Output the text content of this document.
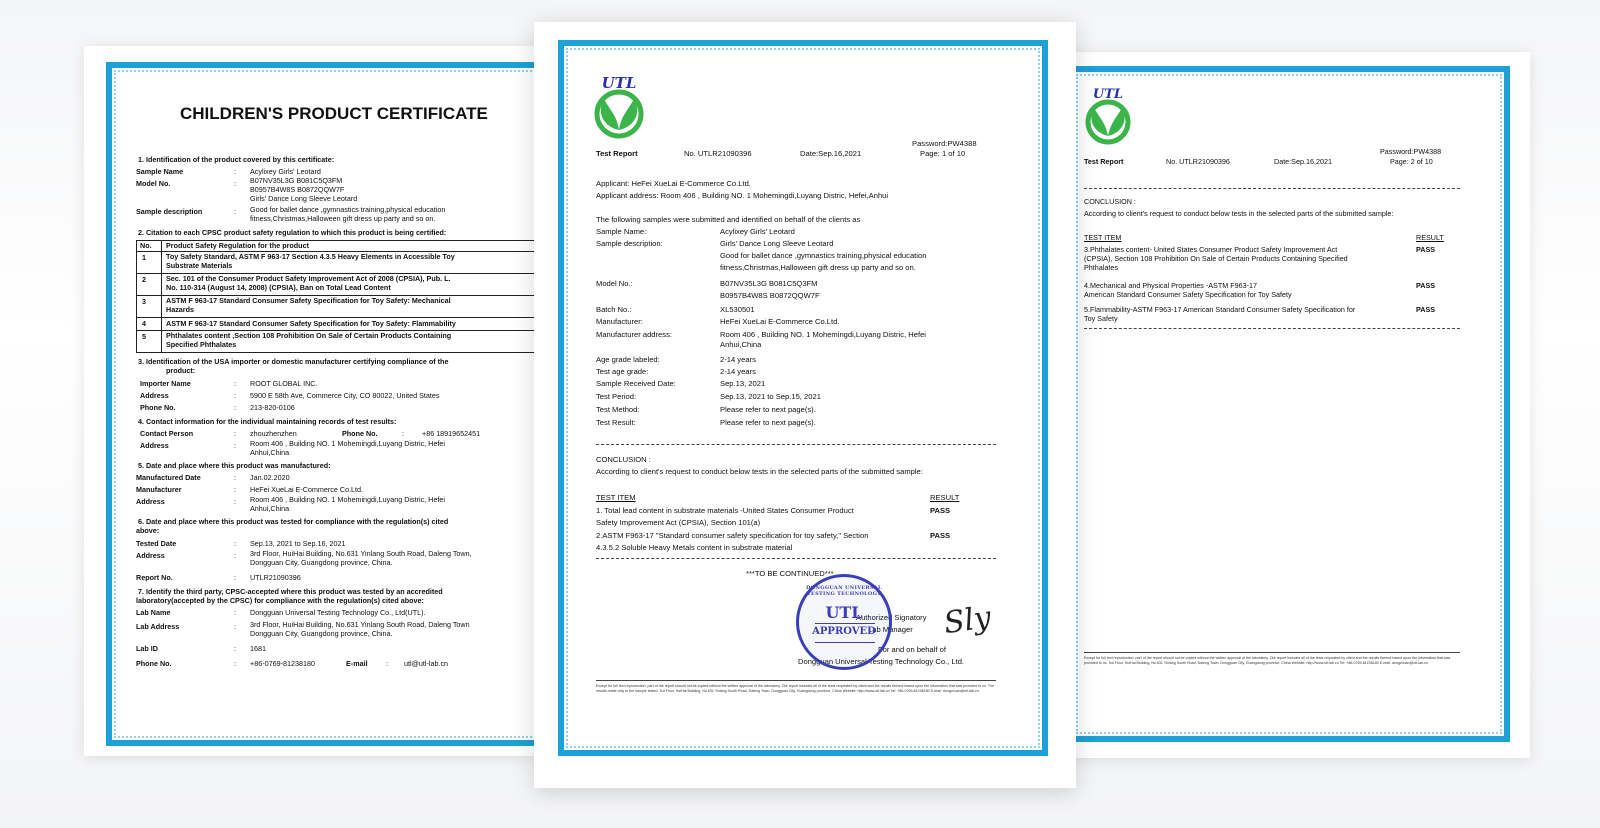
CHILDREN'S PRODUCT CERTIFICATE
1. Identification of the product covered by this certificate:
Sample Name	: Acylixey Girls' Leotard
Model No.	: B07NV35L3G B081C5Q3FM
B0957B4W8S B0872QQW7F
Girls' Dance Long Sleeve Leotard
Sample description	: Good for ballet dance ,gymnastics training,physical education
fitness,Christmas,Halloween gift dress up party and so on.
2. Citation to each CPSC product safety regulation to which this product is being certified:
No. Product Safety Regulation for the product
1	Toy Safety Standard, ASTM F 963-17 Section 4.3.5 Heavy Elements in Accessible Toy
Substrate Materials
2	Sec. 101 of the Consumer Product Safety Improvement Act of 2008 (CPSIA), Pub. L.
No. 110-314 (August 14, 2008) (CPSIA), Ban on Total Lead Content
3	ASTM F 963-17 Standard Consumer Safety Specification for Toy Safety: Mechanical
Hazards
4	ASTM F 963-17 Standard Consumer Safety Specification for Toy Safety: Flammability
5	Phthalates content ,Section 108 Prohibition On Sale of Certain Products Containing
Specified Phthalates
3. Identification of the USA importer or domestic manufacturer certifying compliance of the
product:
Importer Name	: ROOT GLOBAL INC.
Address	: 5900 E 58th Ave, Commerce City, CO 80022, United States
Phone No.	: 213-820-0106
4. Contact information for the individual maintaining records of test results:
Contact Person	: zhouzhenzhen	Phone No.	:	+86 18919652451
Address	: Room 406 , Building NO. 1 Mohemingdi,Luyang Distric, Hefei
Anhui,China
5. Date and place where this product was manufactured:
Manufactured Date	: Jan.02.2020
Manufacturer	: HeFei XueLai E-Commerce Co.Ltd.
Address	: Room 406 , Building NO. 1 Mohemingdi,Luyang Distric, Hefei
Anhui,China
6. Date and place where this product was tested for compliance with the regulation(s) cited
above:
Tested Date	: Sep.13, 2021 to Sep.16, 2021
Address	: 3rd Floor, HuiHai Building, No.631 Yinlang South Road, Daleng Town,
Dongguan City, Guangdong province, China.
Report No.	: UTLR21090396
7. Identify the third party, CPSC-accepted where this product was tested by an accredited
laboratory(accepted by the CPSC) for compliance with the regulation(s) cited above:
Lab Name	: Dongguan Universal Testing Technology Co., Ltd(UTL).
Lab Address	: 3rd Floor, HuiHai Building, No.631 Yinlang South Road, Daleng Town
Dongguan City, Guangdong province, China.
Lab ID	: 1681
Phone No.	: +86-0769-81238180	E-mail	: utl@utl-lab.cn
UTL
Password:PW4388
Test Report	No. UTLR21090396	Date:Sep.16,2021	Page: 2 of 10
CONCLUSION :
According to client's request to conduct below tests in the selected parts of the submitted sample:
TEST ITEM	RESULT
3.Phthalates content- United States Consumer Product Safety Improvement Act
(CPSIA), Section 108 Prohibition On Sale of Certain Products Containing Specified
Phthalates
PASS
4.Mechanical and Physical Properties -ASTM F963-17
American Standard Consumer Safety Specification for Toy Safety
PASS
5.Flammability-ASTM F963-17 American Standard Consumer Safety Specification for
Toy Safety
PASS
Except for full text reproduction, part of the report should not be copied without the written approval of the laboratory. Our report includes all of the tests requested by client and the results thereof based upon the information that was provided to us. 3rd Floor, HuiHai Building, No.631 Yinlang South Road, Daleng Town, Dongguan City, Guangdong province, China Website: http://www.utl-lab.cn Tel: +86-0769-81238180 E-mail: dongchuan@utl-lab.cn
UTL
Password:PW4388
Test Report	No. UTLR21090396	Date:Sep.16,2021	Page: 1 of 10
Applicant: HeFei XueLai E-Commerce Co.Ltd.
Applicant address: Room 406 , Building NO. 1 Mohemingdi,Luyang Distric, Hefei,Anhui
The following samples were submitted and identified on behalf of the clients as
Sample Name:	Acylixey Girls' Leotard
Sample description:	Girls' Dance Long Sleeve Leotard
Good for ballet dance ,gymnastics training,physical education
fitness,Christmas,Halloween gift dress up party and so on.
Model No.:	B07NV35L3G B081C5Q3FM
B0957B4W8S B0872QQW7F
Batch No.:	XL530501
Manufacturer:	HeFei XueLai E-Commerce Co.Ltd.
Manufacturer address:	Room 406 , Building NO. 1 Mohemingdi,Luyang Distric, Hefei
Anhui,China
Age grade labeled:	2-14 years
Test age grade:	2-14 years
Sample Received Date:	Sep.13, 2021
Test Period:	Sep.13, 2021 to Sep.15, 2021
Test Method:	Please refer to next page(s).
Test Result:	Please refer to next page(s).
CONCLUSION :
According to client's request to conduct below tests in the selected parts of the submitted sample:
TEST ITEM	RESULT
1. Total lead content in substrate materials -United States Consumer Product
Safety Improvement Act (CPSIA), Section 101(a)
PASS
2.ASTM F963-17 "Standard consumer safety specification for toy safety," Section
4.3.5.2 Soluble Heavy Metals content in substrate material
PASS
***TO BE CONTINUED***
Authorized Signatory
Lab Manager Sly
For and on behalf of
Dongguan Universal Testing Technology Co., Ltd.
DONGGUAN UNIVERSAL TESTING TECHNOLOGY
UTL
APPROVED
Except for full text reproduction, part of the report should not be copied without the written approval of the laboratory. Our report includes all of the tests requested by client and the results thereof based upon the information that was provided to us. The results relate only to the sample tested. 3rd Floor, HuiHai Building, No.631 Yinlang South Road, Daleng Town, Dongguan City, Guangdong province, China Website: http://www.utl-lab.cn Tel: +86-0769-81238180 E-mail: dongchuan@utl-lab.cn
